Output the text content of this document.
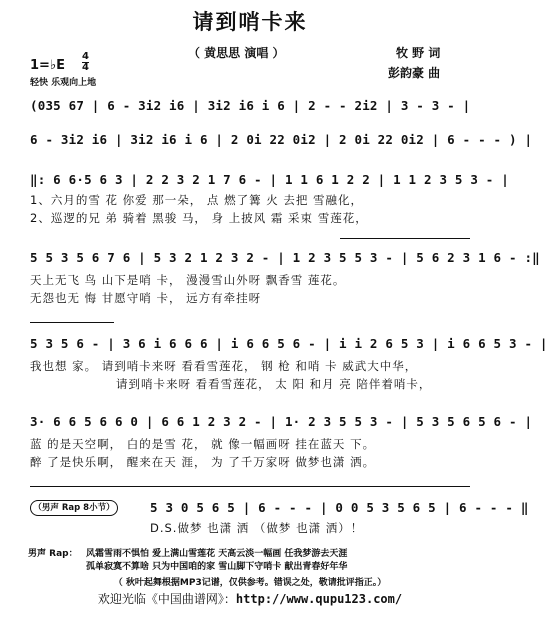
请到哨卡来
（ 黄思思 演唱 ）	牧 野 词
彭韵豪 曲
1=♭E
4
4
轻快 乐观向上地
(035 67 | 6 - 3i2 i6 | 3i2 i6 i 6 | 2 - - 2i2 | 3 - 3 - |
6 - 3i2 i6 | 3i2 i6 i 6 | 2 0i 22 0i2 | 2 0i 22 0i2 | 6 - - - ) |
‖: 6 6·5 6 3 | 2 2 3 2 1 7 6 - | 1 1 6 1 2 2 | 1 1 2 3 5 3 - |
1、六月的雪 花 你爱 那一朵， 点 燃了篝 火 去把 雪融化，
2、巡逻的兄 弟 骑着 黑骏 马， 身 上披风 霜 采束 雪莲花，
5 5 3 5 6 7 6 | 5 3 2 1 2 3 2 - | 1 2 3 5 5 3 - | 5 6 2 3 1 6 - :‖
天上无飞 鸟 山下是哨 卡， 漫漫雪山外呀 飘香雪 莲花。
无怨也无 悔 甘愿守哨 卡， 远方有牵挂呀
5 3 5 6 - | 3 6 i 6 6 6 | i 6 6 5 6 - | i i 2 6 5 3 | i 6 6 5 3 - |
我也想 家。 请到哨卡来呀 看看雪莲花， 钢 枪 和哨 卡 威武大中华，
请到哨卡来呀 看看雪莲花， 太 阳 和月 亮 陪伴着哨卡，
3· 6 6 5 6 6 0 | 6 6 1 2 3 2 - | 1· 2 3 5 5 3 - | 5 3 5 6 5 6 - |
蓝 的是天空啊， 白的是雪 花， 就 像一幅画呀 挂在蓝天 下。
醉 了是快乐啊， 醒来在天 涯， 为 了千万家呀 做梦也潇 洒。
（男声 Rap 8小节）	5 3 0 5 6 5 | 6 - - - | 0 0 5 3 5 6 5 | 6 - - - ‖
D.S.做梦 也潇 洒 （做梦 也潇 洒）！
男声 Rap： 风霜雪雨不惧怕 爱上满山雪莲花 天高云淡一幅画 任我梦游去天涯
孤单寂寞不算啥 只为中国咱的家 雪山脚下守哨卡 献出青春好年华
（ 秋叶起舞根据MP3记谱，仅供参考。错误之处，敬请批评指正。）
欢迎光临《中国曲谱网》：http://www.qupu123.com/
